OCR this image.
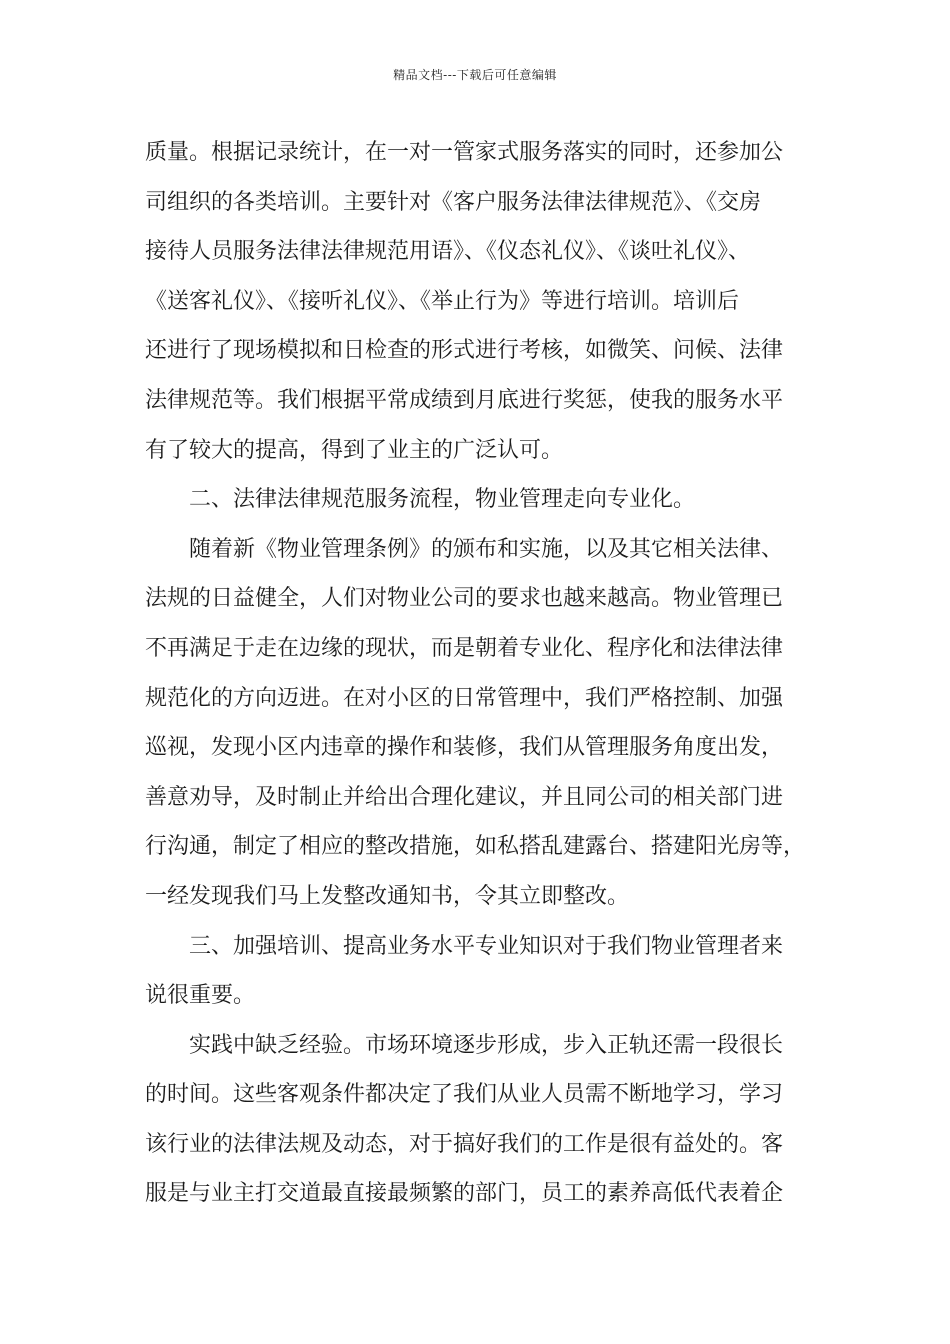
精品文档---下载后可任意编辑
质量。根据记录统计，在一对一管家式服务落实的同时，还参加公
司组织的各类培训。主要针对《客户服务法律法律规范》、《交房
接待人员服务法律法律规范用语》、《仪态礼仪》、《谈吐礼仪》、
《送客礼仪》、《接听礼仪》、《举止行为》等进行培训。培训后
还进行了现场模拟和日检查的形式进行考核，如微笑、问候、法律
法律规范等。我们根据平常成绩到月底进行奖惩，使我的服务水平
有了较大的提高，得到了业主的广泛认可。
二、法律法律规范服务流程，物业管理走向专业化。
随着新《物业管理条例》的颁布和实施，以及其它相关法律、
法规的日益健全，人们对物业公司的要求也越来越高。物业管理已
不再满足于走在边缘的现状，而是朝着专业化、程序化和法律法律
规范化的方向迈进。在对小区的日常管理中，我们严格控制、加强
巡视，发现小区内违章的操作和装修，我们从管理服务角度出发，
善意劝导，及时制止并给出合理化建议，并且同公司的相关部门进
行沟通，制定了相应的整改措施，如私搭乱建露台、搭建阳光房等，
一经发现我们马上发整改通知书，令其立即整改。
三、加强培训、提高业务水平专业知识对于我们物业管理者来
说很重要。
实践中缺乏经验。市场环境逐步形成，步入正轨还需一段很长
的时间。这些客观条件都决定了我们从业人员需不断地学习，学习
该行业的法律法规及动态，对于搞好我们的工作是很有益处的。客
服是与业主打交道最直接最频繁的部门，员工的素养高低代表着企
